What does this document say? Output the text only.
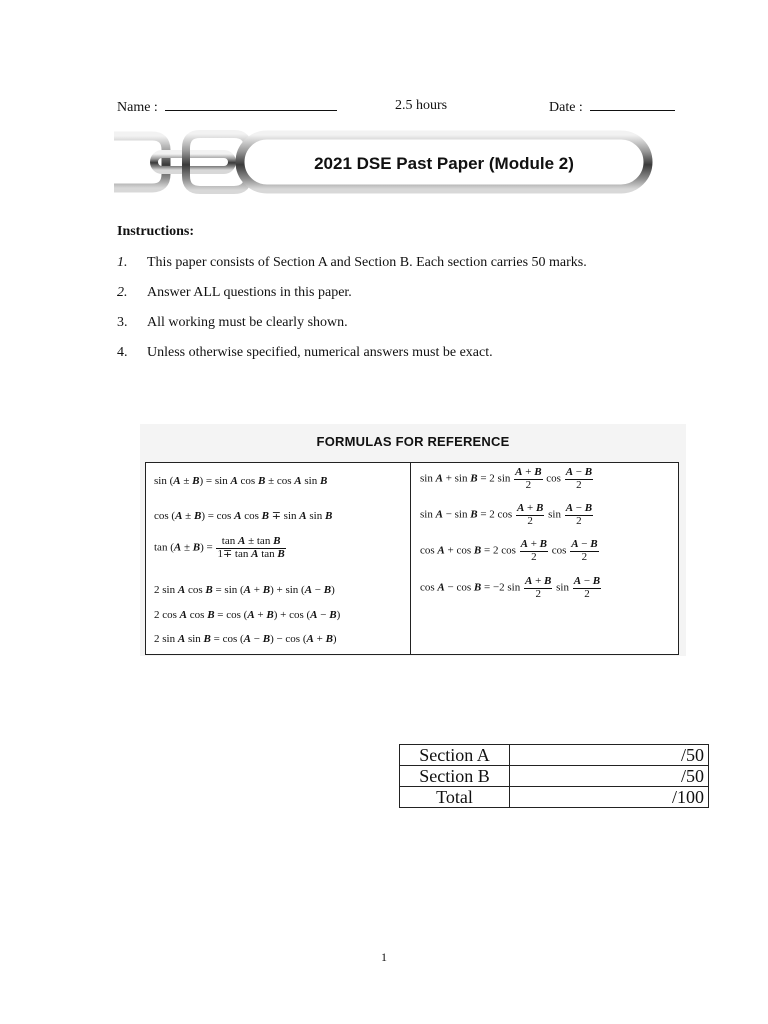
Name :	2.5 hours	Date :
2021 DSE Past Paper (Module 2)
Instructions:
1. This paper consists of Section A and Section B. Each section carries 50 marks.
2. Answer ALL questions in this paper.
3. All working must be clearly shown.
4. Unless otherwise specified, numerical answers must be exact.
FORMULAS FOR REFERENCE
sin (A ± B) = sin A cos B ± cos A sin B
cos (A ± B) = cos A cos B ∓ sin A sin B
$\tan (A \pm B) = \frac{\text{tan A ± tan B}}{\text{1∓ tan A tan B}}$
2 sin A cos B = sin (A + B) + sin (A − B)
2 cos A cos B = cos (A + B) + cos (A − B)
2 sin A sin B = cos (A − B) − cos (A + B)
sin A + sin B = 2 $\sin \frac{A + B}{2}$ $\cos \frac{A - B}{2}$
sin A − sin B = 2 $\cos \frac{A + B}{2}$ $\sin \frac{A - B}{2}$
cos A + cos B = 2 $\cos \frac{A + B}{2}$ $\cos \frac{A - B}{2}$
cos A − cos B = −2 $\sin \frac{A + B}{2}$ $\sin \frac{A - B}{2}$
Section A	/50
Section B	/50
Total	/100
1
